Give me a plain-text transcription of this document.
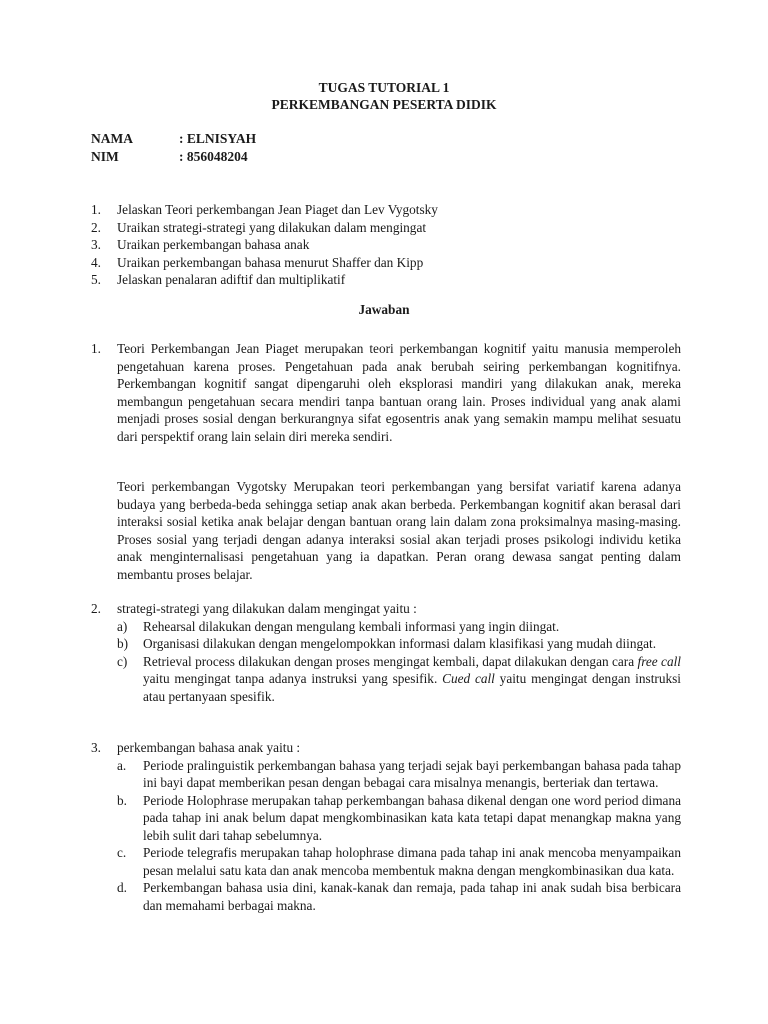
TUGAS TUTORIAL 1
PERKEMBANGAN PESERTA DIDIK
NAMA	: ELNISYAH
NIM	: 856048204
1. Jelaskan Teori perkembangan Jean Piaget dan Lev Vygotsky
2. Uraikan strategi-strategi yang dilakukan dalam mengingat
3. Uraikan perkembangan bahasa anak
4. Uraikan perkembangan bahasa menurut Shaffer dan Kipp
5. Jelaskan penalaran adiftif dan multiplikatif
Jawaban
1. Teori Perkembangan Jean Piaget merupakan teori perkembangan kognitif yaitu manusia memperoleh pengetahuan karena proses. Pengetahuan pada anak berubah seiring perkembangan kognitifnya. Perkembangan kognitif sangat dipengaruhi oleh eksplorasi mandiri yang dilakukan anak, mereka membangun pengetahuan secara mendiri tanpa bantuan orang lain. Proses individual yang anak alami menjadi proses sosial dengan berkurangnya sifat egosentris anak yang semakin mampu melihat sesuatu dari perspektif orang lain selain diri mereka sendiri.

Teori perkembangan Vygotsky Merupakan teori perkembangan yang bersifat variatif karena adanya budaya yang berbeda-beda sehingga setiap anak akan berbeda. Perkembangan kognitif akan berasal dari interaksi sosial ketika anak belajar dengan bantuan orang lain dalam zona proksimalnya masing-masing. Proses sosial yang terjadi dengan adanya interaksi sosial akan terjadi proses psikologi individu ketika anak menginternalisasi pengetahuan yang ia dapatkan. Peran orang dewasa sangat penting dalam membantu proses belajar.

2. strategi-strategi yang dilakukan dalam mengingat yaitu :
a) Rehearsal dilakukan dengan mengulang kembali informasi yang ingin diingat.
b) Organisasi dilakukan dengan mengelompokkan informasi dalam klasifikasi yang mudah diingat.
c) Retrieval process dilakukan dengan proses mengingat kembali, dapat dilakukan dengan cara free call yaitu mengingat tanpa adanya instruksi yang spesifik. Cued call yaitu mengingat dengan instruksi atau pertanyaan spesifik.
3. perkembangan bahasa anak yaitu :
a. Periode pralinguistik perkembangan bahasa yang terjadi sejak bayi perkembangan bahasa pada tahap ini bayi dapat memberikan pesan dengan bebagai cara misalnya menangis, berteriak dan tertawa.
b. Periode Holophrase merupakan tahap perkembangan bahasa dikenal dengan one word period dimana pada tahap ini anak belum dapat mengkombinasikan kata kata tetapi dapat menangkap makna yang lebih sulit dari tahap sebelumnya.
c. Periode telegrafis merupakan tahap holophrase dimana pada tahap ini anak mencoba menyampaikan pesan melalui satu kata dan anak mencoba membentuk makna dengan mengkombinasikan dua kata.
d. Perkembangan bahasa usia dini, kanak-kanak dan remaja, pada tahap ini anak sudah bisa berbicara dan memahami berbagai makna.
